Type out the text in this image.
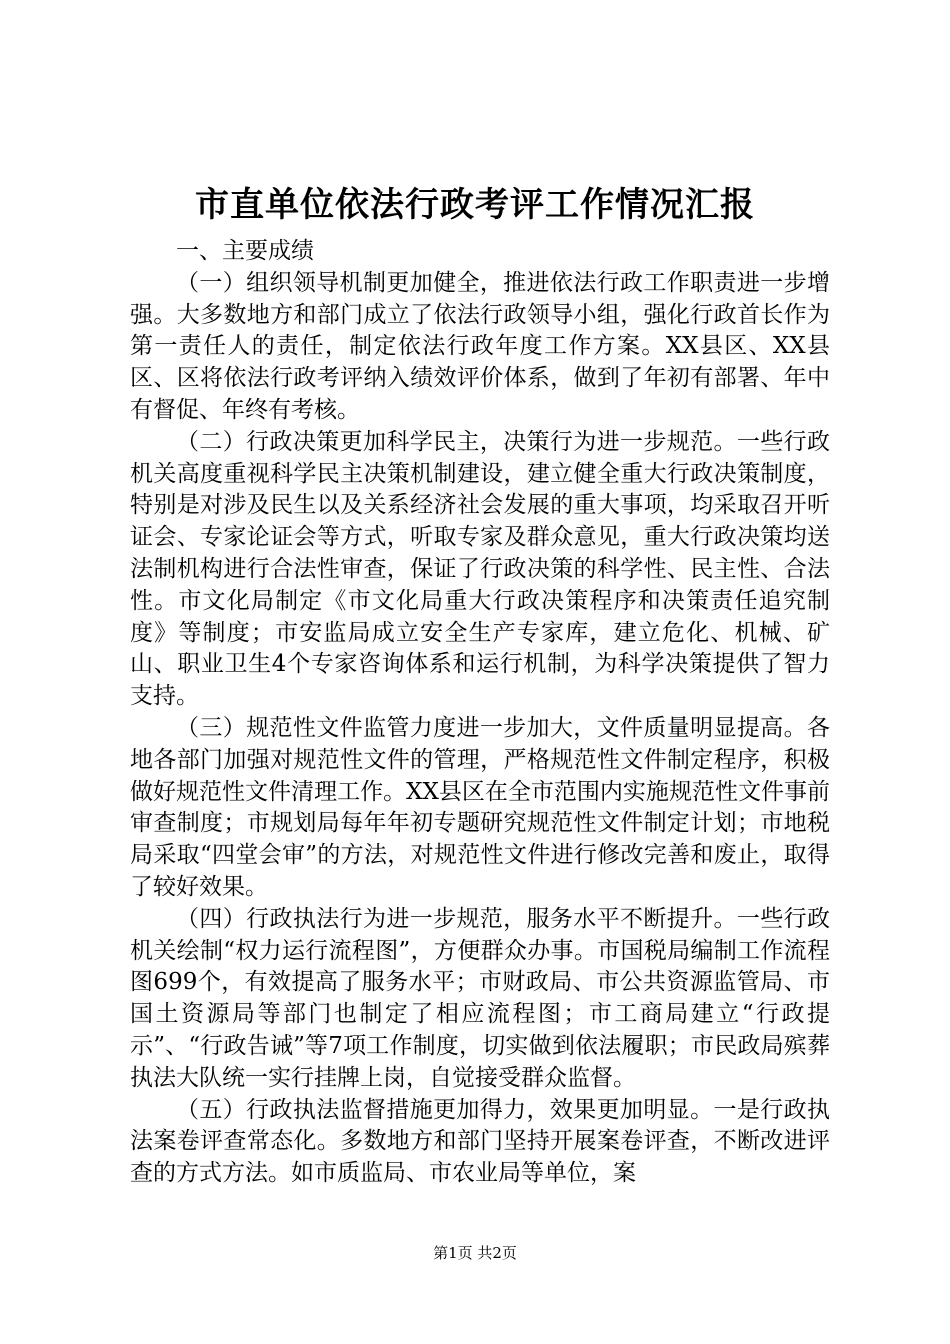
市直单位依法行政考评工作情况汇报

一、主要成绩

（一）组织领导机制更加健全，推进依法行政工作职责进一步增强。大多数地方和部门成立了依法行政领导小组，强化行政首长作为第一责任人的责任，制定依法行政年度工作方案。XX县区、XX县区、区将依法行政考评纳入绩效评价体系，做到了年初有部署、年中有督促、年终有考核。

（二）行政决策更加科学民主，决策行为进一步规范。一些行政机关高度重视科学民主决策机制建设，建立健全重大行政决策制度，特别是对涉及民生以及关系经济社会发展的重大事项，均采取召开听证会、专家论证会等方式，听取专家及群众意见，重大行政决策均送法制机构进行合法性审查，保证了行政决策的科学性、民主性、合法性。市文化局制定《市文化局重大行政决策程序和决策责任追究制度》等制度；市安监局成立安全生产专家库，建立危化、机械、矿山、职业卫生4个专家咨询体系和运行机制，为科学决策提供了智力支持。

（三）规范性文件监管力度进一步加大，文件质量明显提高。各地各部门加强对规范性文件的管理，严格规范性文件制定程序，积极做好规范性文件清理工作。XX县区在全市范围内实施规范性文件事前审查制度；市规划局每年年初专题研究规范性文件制定计划；市地税局采取“四堂会审”的方法，对规范性文件进行修改完善和废止，取得了较好效果。

（四）行政执法行为进一步规范，服务水平不断提升。一些行政机关绘制“权力运行流程图”，方便群众办事。市国税局编制工作流程图699个，有效提高了服务水平；市财政局、市公共资源监管局、市国土资源局等部门也制定了相应流程图；市工商局建立“行政提示”、“行政告诫”等7项工作制度，切实做到依法履职；市民政局殡葬执法大队统一实行挂牌上岗，自觉接受群众监督。

（五）行政执法监督措施更加得力，效果更加明显。一是行政执法案卷评查常态化。多数地方和部门坚持开展案卷评查，不断改进评查的方式方法。如市质监局、市农业局等单位，案

第1页 共2页
